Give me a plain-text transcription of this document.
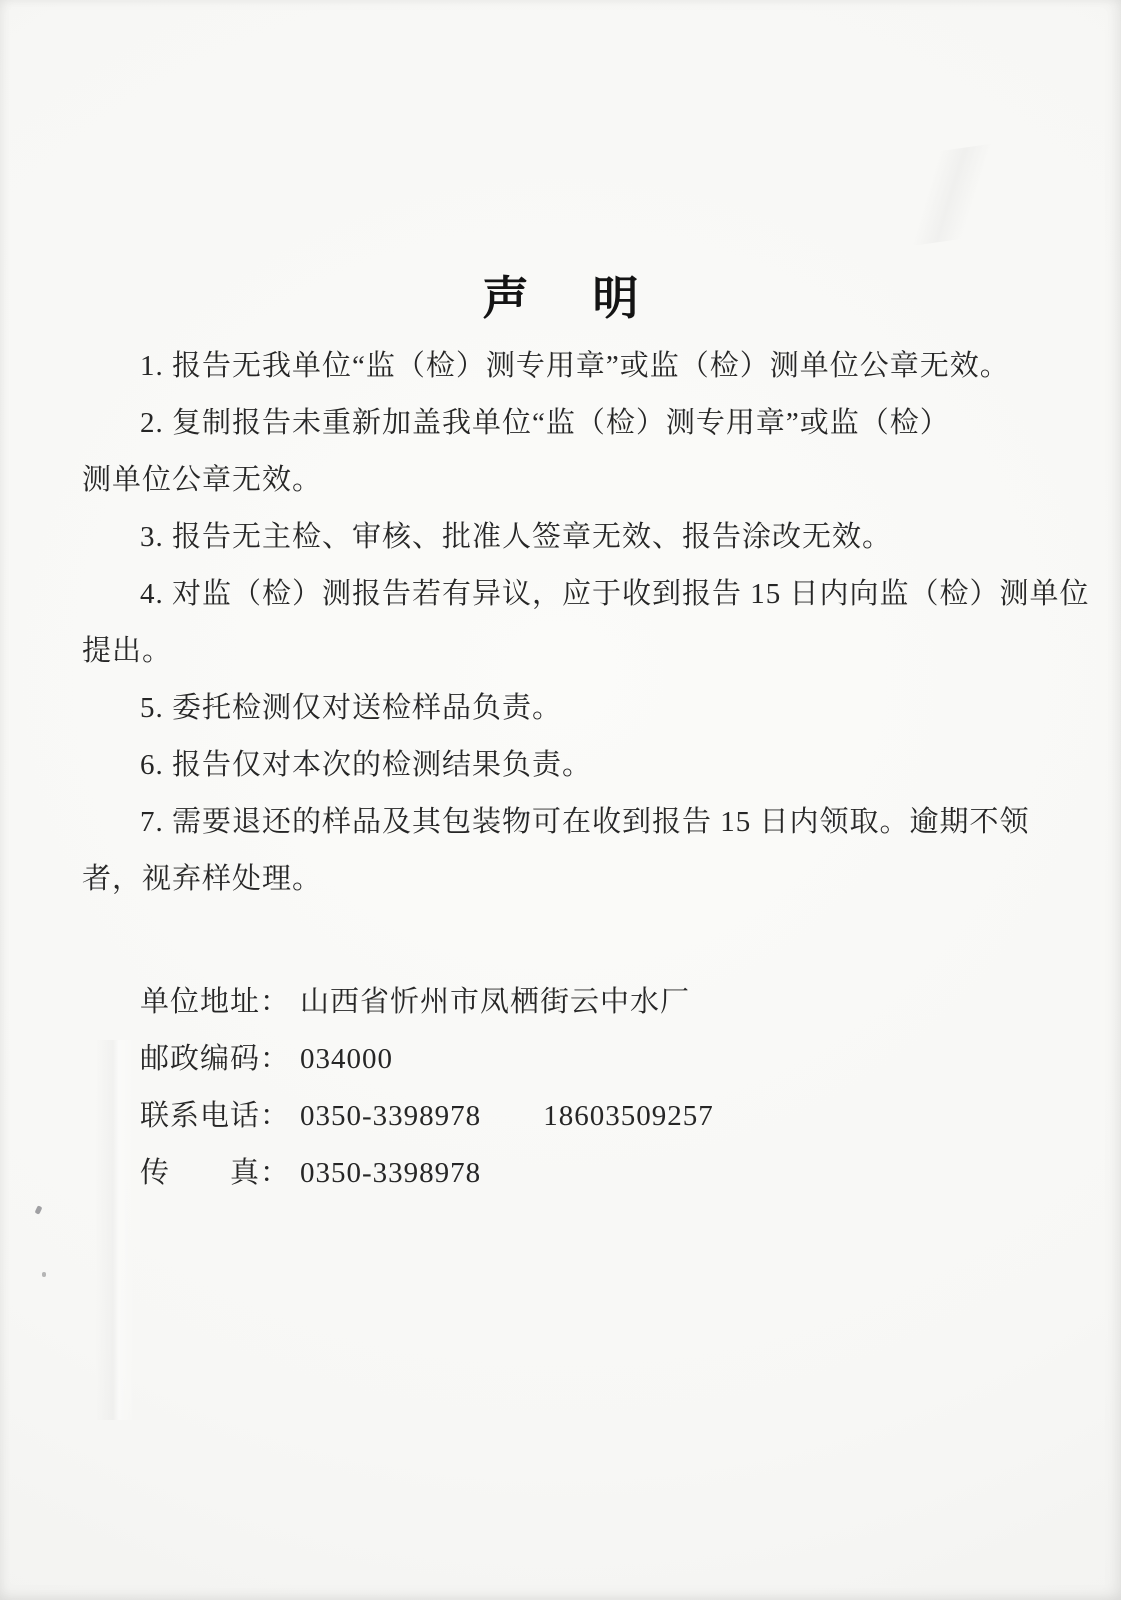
声 明
1. 报告无我单位“监（检）测专用章”或监（检）测单位公章无效。
2. 复制报告未重新加盖我单位“监（检）测专用章”或监（检）
测单位公章无效。
3. 报告无主检、审核、批准人签章无效、报告涂改无效。
4. 对监（检）测报告若有异议，应于收到报告 15 日内向监（检）测单位
提出。
5. 委托检测仅对送检样品负责。
6. 报告仅对本次的检测结果负责。
7. 需要退还的样品及其包装物可在收到报告 15 日内领取。逾期不领
者，视弃样处理。
单位地址： 山西省忻州市凤栖街云中水厂
邮政编码： 034000
联系电话： 0350-3398978 18603509257
传　　真： 0350-3398978
